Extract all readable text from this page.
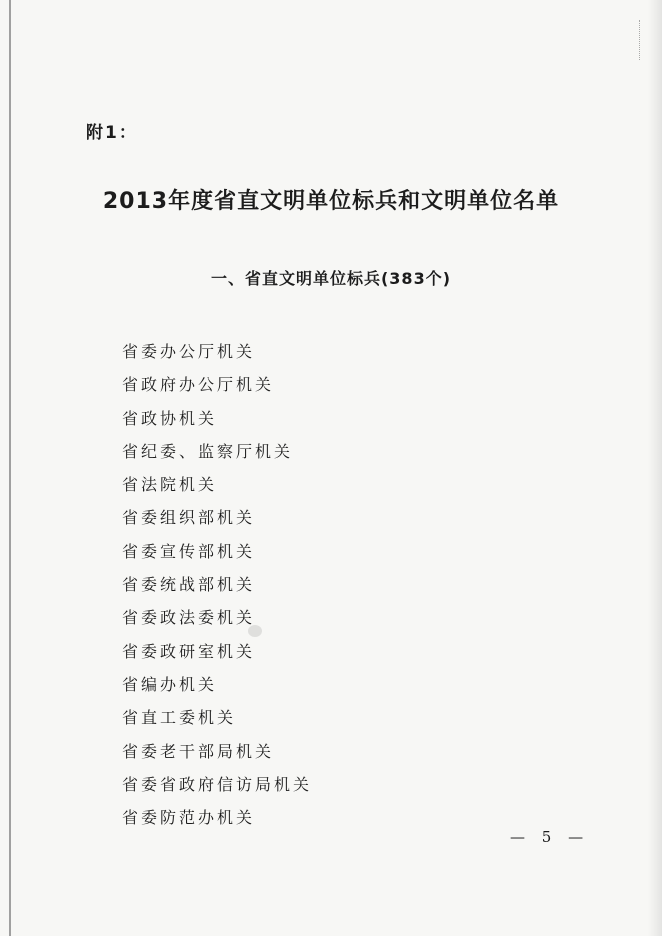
附1：
2013年度省直文明单位标兵和文明单位名单
一、省直文明单位标兵(383个)
省委办公厅机关
省政府办公厅机关
省政协机关
省纪委、监察厅机关
省法院机关
省委组织部机关
省委宣传部机关
省委统战部机关
省委政法委机关
省委政研室机关
省编办机关
省直工委机关
省委老干部局机关
省委省政府信访局机关
省委防范办机关
— 5 —
